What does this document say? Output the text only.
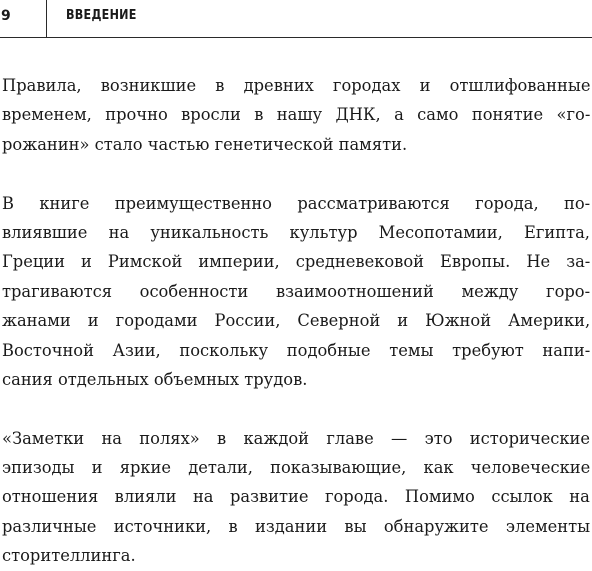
9	ВВЕДЕНИЕ

Правила, возникшие в древних городах и отшлифованные
временем, прочно вросли в нашу ДНК, а само понятие «го-
рожанин» стало частью генетической памяти.

В книге преимущественно рассматриваются города, по-
влиявшие на уникальность культур Месопотамии, Египта,
Греции и Римской империи, средневековой Европы. Не за-
трагиваются особенности взаимоотношений между горо-
жанами и городами России, Северной и Южной Америки,
Восточной Азии, поскольку подобные темы требуют напи-
сания отдельных объемных трудов.

«Заметки на полях» в каждой главе — это исторические
эпизоды и яркие детали, показывающие, как человеческие
отношения влияли на развитие города. Помимо ссылок на
различные источники, в издании вы обнаружите элементы
сторителлинга.
